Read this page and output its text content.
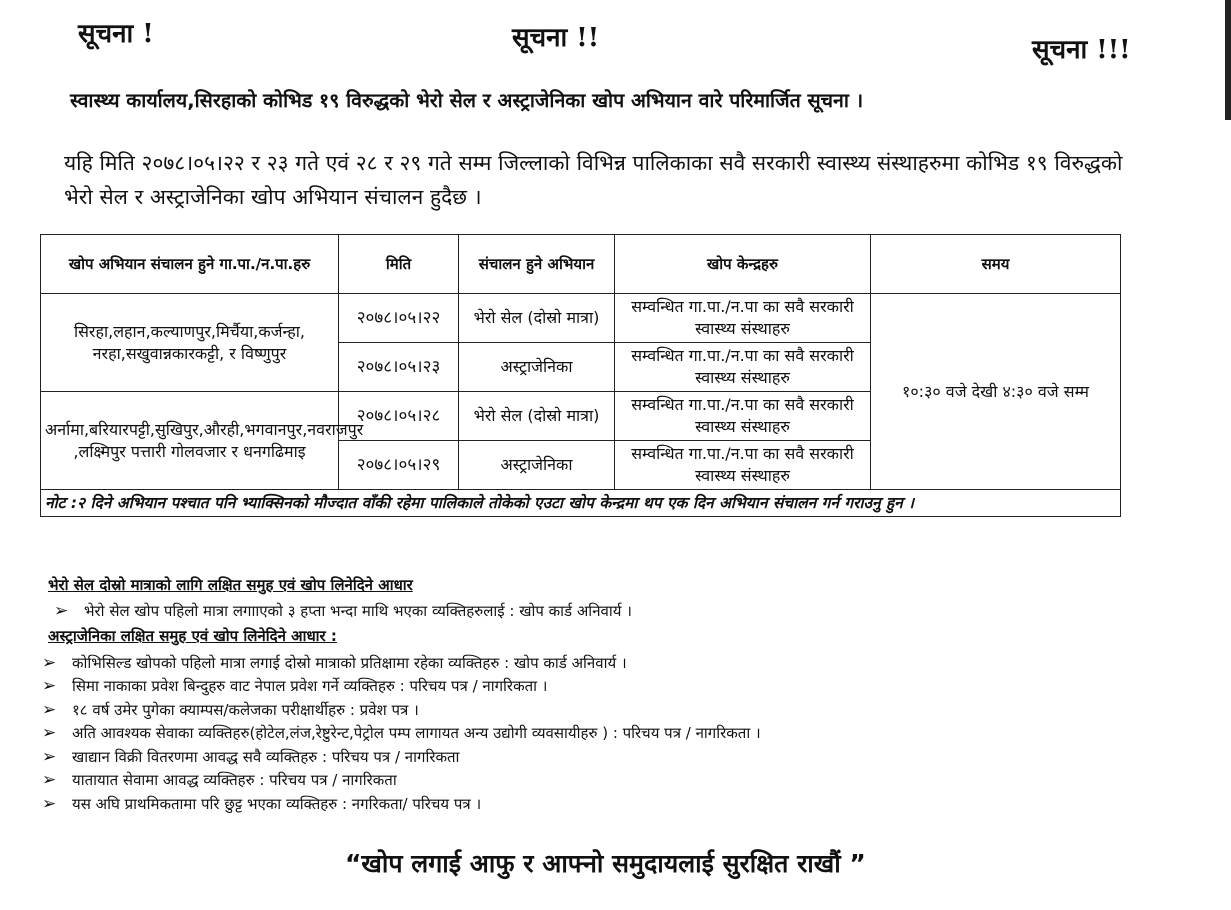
सूचना !	सूचना !!	सूचना !!!
स्वास्थ्य कार्यालय,सिरहाको कोभिड १९ विरुद्धको भेरो सेल र अस्ट्राजेनिका खोप अभियान वारे परिमार्जित सूचना ।
यहि मिति २०७८।०५।२२ र २३ गते एवं २८ र २९ गते सम्म जिल्लाको विभिन्न पालिकाका सवै सरकारी स्वास्थ्य संस्थाहरुमा कोभिड १९ विरुद्धको भेरो सेल र अस्ट्राजेनिका खोप अभियान संचालन हुदैछ ।
खोप अभियान संचालन हुने गा.पा./न.पा.हरु	मिति	संचालन हुने अभियान	खोप केन्द्रहरु	समय
सिरहा,लहान,कल्याणपुर,मिर्चैया,कर्जन्हा, नरहा,सखुवान्नकारकट्टी, र विष्णुपुर	२०७८।०५।२२	भेरो सेल (दोस्रो मात्रा)	सम्वन्धित गा.पा./न.पा का सवै सरकारी स्वास्थ्य संस्थाहरु	१०:३० वजे देखी ४:३० वजे सम्म
	२०७८।०५।२३	अस्ट्राजेनिका	सम्वन्धित गा.पा./न.पा का सवै सरकारी स्वास्थ्य संस्थाहरु	
अर्नामा,बरियारपट्टी,सुखिपुर,औरही,भगवानपुर,नवराजपुर ,लक्ष्मिपुर पत्तारी गोलवजार र धनगढिमाइ	२०७८।०५।२८	भेरो सेल (दोस्रो मात्रा)	सम्वन्धित गा.पा./न.पा का सवै सरकारी स्वास्थ्य संस्थाहरु	
	२०७८।०५।२९	अस्ट्राजेनिका	सम्वन्धित गा.पा./न.पा का सवै सरकारी स्वास्थ्य संस्थाहरु	
नोट :२ दिने अभियान पश्चात पनि भ्याक्सिनको मौज्दात वाँकी रहेमा पालिकाले तोकेको एउटा खोप केन्द्रमा थप एक दिन अभियान संचालन गर्न गराउनु हुन ।				
भेरो सेल दोस्रो मात्राको लागि लक्षित समुह एवं खोप लिनेदिने आधार
➢ भेरो सेल खोप पहिलो मात्रा लगााएको ३ हप्ता भन्दा माथि भएका व्यक्तिहरुलाई : खोप कार्ड अनिवार्य ।
अस्ट्राजेनिका लक्षित समुह एवं खोप लिनेदिने आधार :
➢ कोभिसिल्ड खोपको पहिलो मात्रा लगाई दोस्रो मात्राको प्रतिक्षामा रहेका व्यक्तिहरु : खोप कार्ड अनिवार्य ।
➢ सिमा नाकाका प्रवेश बिन्दुहरु वाट नेपाल प्रवेश गर्ने व्यक्तिहरु : परिचय पत्र / नागरिकता ।
➢ १८ वर्ष उमेर पुगेका क्याम्पस/कलेजका परीक्षार्थीहरु : प्रवेश पत्र ।
➢ अति आवश्यक सेवाका व्यक्तिहरु(होटेल,लंज,रेष्टुरेन्ट,पेट्रोल पम्प लागायत अन्य उद्योगी व्यवसायीहरु ) : परिचय पत्र / नागरिकता ।
➢ खाद्यान विक्री वितरणमा आवद्ध सवै व्यक्तिहरु : परिचय पत्र / नागरिकता
➢ यातायात सेवामा आवद्ध व्यक्तिहरु : परिचय पत्र / नागरिकता
➢ यस अघि प्राथमिकतामा परि छुट्ट भएका व्यक्तिहरु : नगरिकता/ परिचय पत्र ।
“खोप लगाई आफु र आफ्नो समुदायलाई सुरक्षित राखौं ”
